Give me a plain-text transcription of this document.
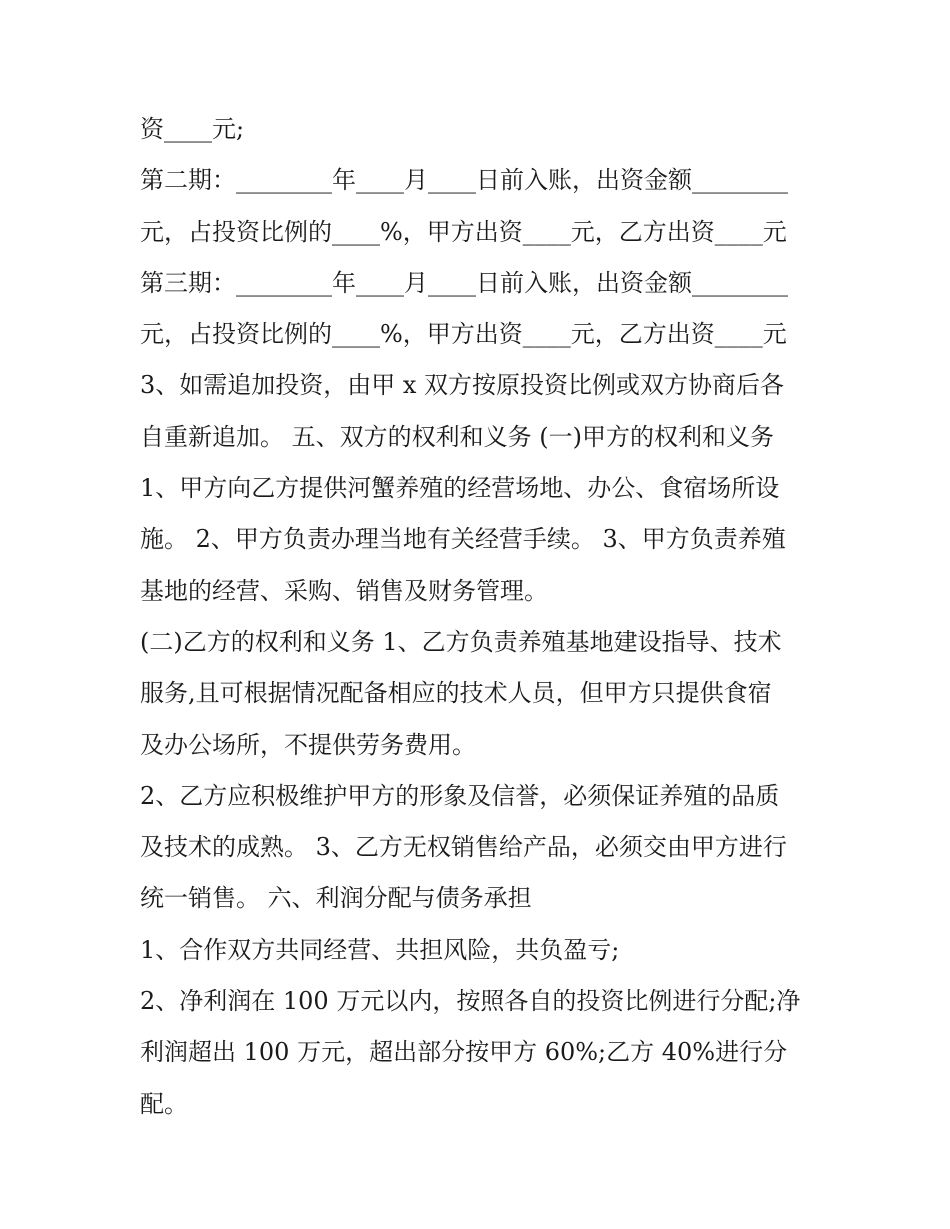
资____元;
第二期：________年____月____日前入账，出资金额________
元，占投资比例的____%，甲方出资____元，乙方出资____元
第三期：________年____月____日前入账，出资金额________
元，占投资比例的____%，甲方出资____元，乙方出资____元
3、如需追加投资，由甲 x 双方按原投资比例或双方协商后各
自重新追加。 五、双方的权利和义务 (一)甲方的权利和义务
1、甲方向乙方提供河蟹养殖的经营场地、办公、食宿场所设
施。 2、甲方负责办理当地有关经营手续。 3、甲方负责养殖
基地的经营、采购、销售及财务管理。
(二)乙方的权利和义务 1、乙方负责养殖基地建设指导、技术
服务,且可根据情况配备相应的技术人员，但甲方只提供食宿
及办公场所，不提供劳务费用。
2、乙方应积极维护甲方的形象及信誉，必须保证养殖的品质
及技术的成熟。 3、乙方无权销售给产品，必须交由甲方进行
统一销售。 六、利润分配与债务承担
1、合作双方共同经营、共担风险，共负盈亏;
2、净利润在 100 万元以内，按照各自的投资比例进行分配;净
利润超出 100 万元，超出部分按甲方 60%;乙方 40%进行分
配。
